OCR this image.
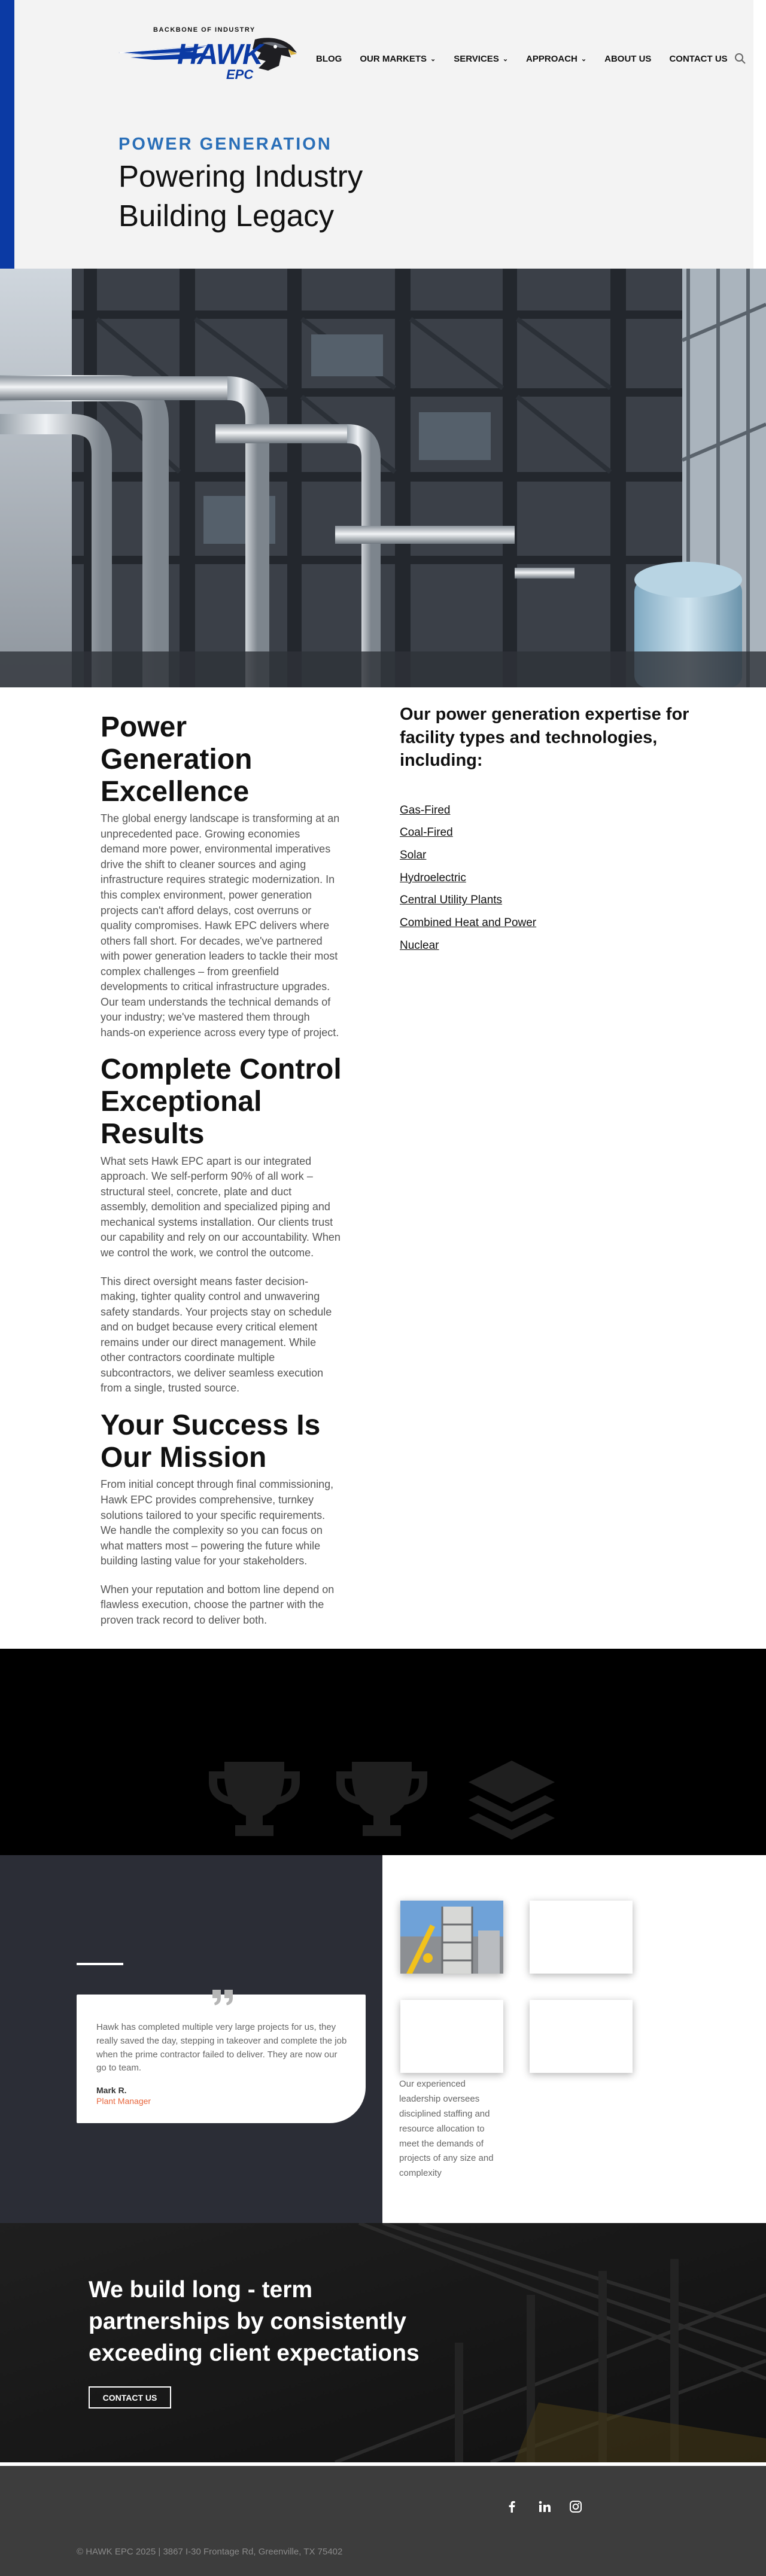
BACKBONE OF INDUSTRY
HAWK
EPC
BLOG OUR MARKETS ⌄ SERVICES ⌄ APPROACH ⌄ ABOUT US CONTACT US
POWER GENERATION
Powering Industry Building Legacy
Power Generation Excellence

The global energy landscape is transforming at an unprecedented pace. Growing economies demand more power, environmental imperatives drive the shift to cleaner sources and aging infrastructure requires strategic modernization. In this complex environment, power generation projects can't afford delays, cost overruns or quality compromises. Hawk EPC delivers where others fall short. For decades, we've partnered with power generation leaders to tackle their most complex challenges – from greenfield developments to critical infrastructure upgrades. Our team understands the technical demands of your industry; we've mastered them through hands-on experience across every type of project.

Complete Control Exceptional Results

What sets Hawk EPC apart is our integrated approach. We self-perform 90% of all work – structural steel, concrete, plate and duct assembly, demolition and specialized piping and mechanical systems installation. Our clients trust our capability and rely on our accountability. When we control the work, we control the outcome.

This direct oversight means faster decision-making, tighter quality control and unwavering safety standards. Your projects stay on schedule and on budget because every critical element remains under our direct management. While other contractors coordinate multiple subcontractors, we deliver seamless execution from a single, trusted source.

Your Success Is Our Mission

From initial concept through final commissioning, Hawk EPC provides comprehensive, turnkey solutions tailored to your specific requirements. We handle the complexity so you can focus on what matters most – powering the future while building lasting value for your stakeholders.

When your reputation and bottom line depend on flawless execution, choose the partner with the proven track record to deliver both.

Our power generation expertise for facility types and technologies, including:
Gas-Fired
Coal-Fired
Solar
Hydroelectric
Central Utility Plants
Combined Heat and Power
Nuclear

Hawk has completed multiple very large projects for us, they really saved the day, stepping in takeover and complete the job when the prime contractor failed to deliver. They are now our go to team.

Mark R.
Plant Manager

Our experienced leadership oversees disciplined staffing and resource allocation to meet the demands of projects of any size and complexity

We build long - term partnerships by consistently exceeding client expectations
CONTACT US

© HAWK EPC 2025 | 3867 I-30 Frontage Rd, Greenville, TX 75402
